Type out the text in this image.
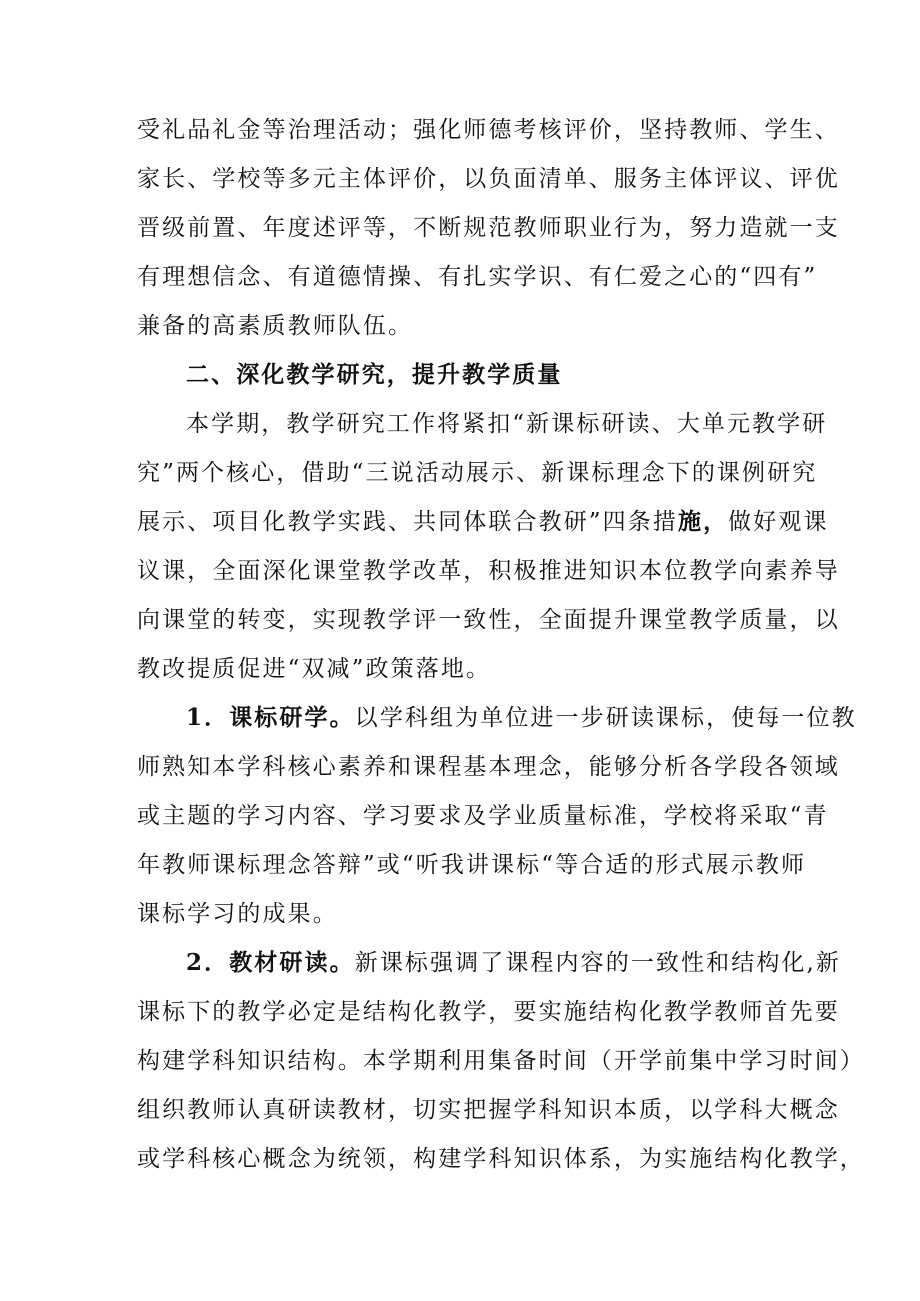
受礼品礼金等治理活动；强化师德考核评价，坚持教师、学生、
家长、学校等多元主体评价，以负面清单、服务主体评议、评优
晋级前置、年度述评等，不断规范教师职业行为，努力造就一支
有理想信念、有道德情操、有扎实学识、有仁爱之心的“四有”
兼备的高素质教师队伍。
二、深化教学研究，提升教学质量
本学期，教学研究工作将紧扣“新课标研读、大单元教学研
究”两个核心，借助“三说活动展示、新课标理念下的课例研究
展示、项目化教学实践、共同体联合教研”四条措施，做好观课
议课，全面深化课堂教学改革，积极推进知识本位教学向素养导
向课堂的转变，实现教学评一致性，全面提升课堂教学质量，以
教改提质促进“双减”政策落地。
1．课标研学。以学科组为单位进一步研读课标，使每一位教
师熟知本学科核心素养和课程基本理念，能够分析各学段各领域
或主题的学习内容、学习要求及学业质量标准，学校将采取“青
年教师课标理念答辩”或“听我讲课标“等合适的形式展示教师
课标学习的成果。
2．教材研读。新课标强调了课程内容的一致性和结构化,新
课标下的教学必定是结构化教学，要实施结构化教学教师首先要
构建学科知识结构。本学期利用集备时间（开学前集中学习时间）
组织教师认真研读教材，切实把握学科知识本质，以学科大概念
或学科核心概念为统领，构建学科知识体系，为实施结构化教学，
